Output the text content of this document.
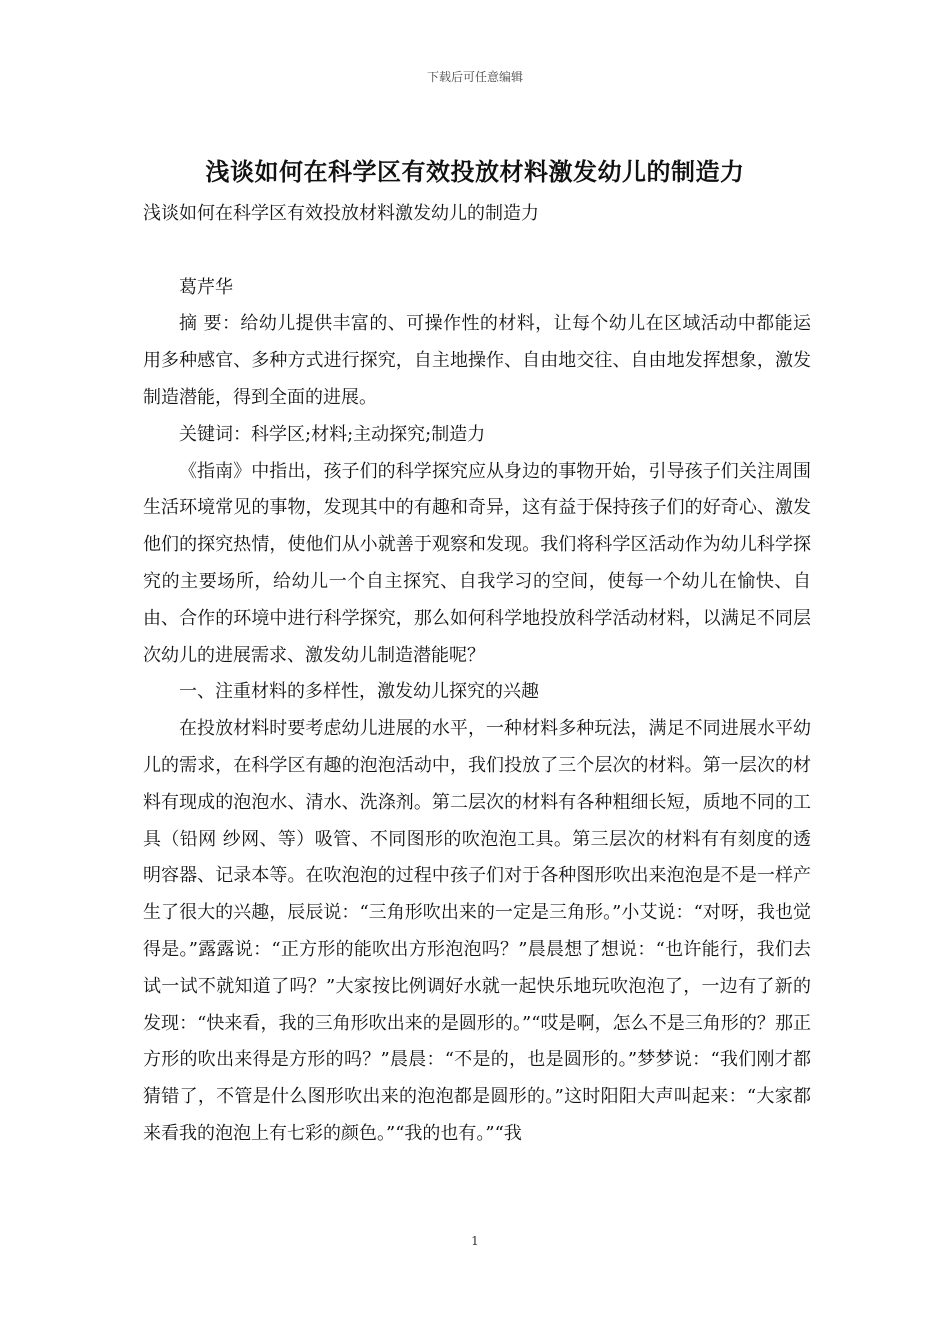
下载后可任意编辑
浅谈如何在科学区有效投放材料激发幼儿的制造力

浅谈如何在科学区有效投放材料激发幼儿的制造力

葛芹华

摘 要：给幼儿提供丰富的、可操作性的材料，让每个幼儿在区域活动中都能运用多种感官、多种方式进行探究，自主地操作、自由地交往、自由地发挥想象，激发制造潜能，得到全面的进展。

关键词：科学区;材料;主动探究;制造力

《指南》中指出，孩子们的科学探究应从身边的事物开始，引导孩子们关注周围生活环境常见的事物，发现其中的有趣和奇异，这有益于保持孩子们的好奇心、激发他们的探究热情，使他们从小就善于观察和发现。我们将科学区活动作为幼儿科学探究的主要场所，给幼儿一个自主探究、自我学习的空间，使每一个幼儿在愉快、自由、合作的环境中进行科学探究，那么如何科学地投放科学活动材料，以满足不同层次幼儿的进展需求、激发幼儿制造潜能呢？

一、注重材料的多样性，激发幼儿探究的兴趣

在投放材料时要考虑幼儿进展的水平，一种材料多种玩法，满足不同进展水平幼儿的需求，在科学区有趣的泡泡活动中，我们投放了三个层次的材料。第一层次的材料有现成的泡泡水、清水、洗涤剂。第二层次的材料有各种粗细长短，质地不同的工具（铅网 纱网、等）吸管、不同图形的吹泡泡工具。第三层次的材料有有刻度的透明容器、记录本等。在吹泡泡的过程中孩子们对于各种图形吹出来泡泡是不是一样产生了很大的兴趣，辰辰说：“三角形吹出来的一定是三角形。”小艾说：“对呀，我也觉得是。”露露说：“正方形的能吹出方形泡泡吗？”晨晨想了想说：“也许能行，我们去试一试不就知道了吗？”大家按比例调好水就一起快乐地玩吹泡泡了，一边有了新的发现：“快来看，我的三角形吹出来的是圆形的。”“哎是啊，怎么不是三角形的？那正方形的吹出来得是方形的吗？”晨晨：“不是的，也是圆形的。”梦梦说：“我们刚才都猜错了，不管是什么图形吹出来的泡泡都是圆形的。”这时阳阳大声叫起来：“大家都来看我的泡泡上有七彩的颜色。”“我的也有。”“我

1
